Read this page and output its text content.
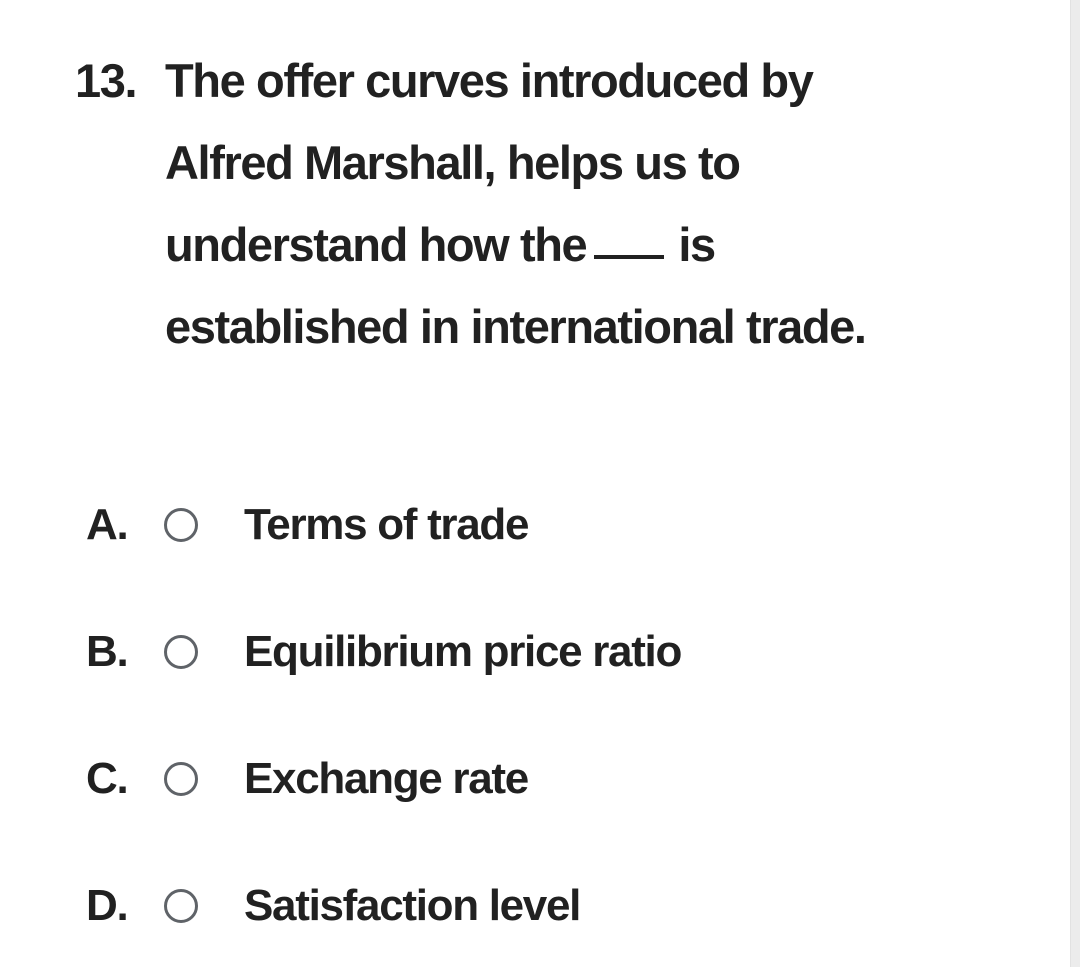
13. The offer curves introduced by
Alfred Marshall, helps us to
understand how the is
established in international trade.
A.	Terms of trade
B.	Equilibrium price ratio
C.	Exchange rate
D.	Satisfaction level
